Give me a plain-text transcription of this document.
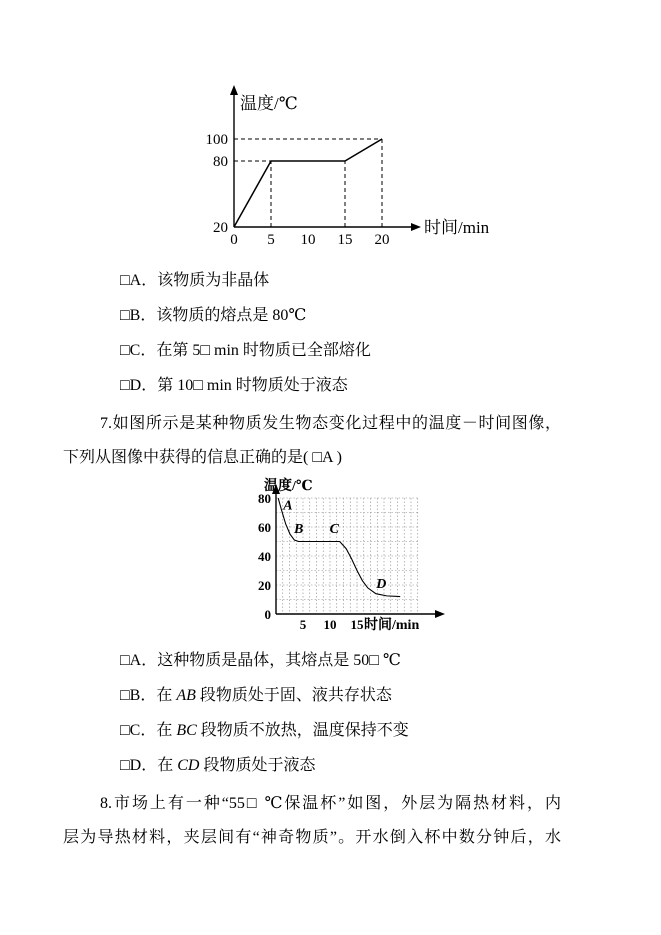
0 5 10 15 20
20
80
100
时间/min
温度/℃
□A．该物质为非晶体
□B．该物质的熔点是 80℃
□C．在第 5□ min 时物质已全部熔化
□D．第 10□ min 时物质处于液态
7.如图所示是某种物质发生物态变化过程中的温度－时间图像，
下列从图像中获得的信息正确的是( □A )
5 10 15
0
20
40
60
80
时间/min
温度/℃
A
B C
D
□A．这种物质是晶体，其熔点是 50□ ℃
□B．在 AB 段物质处于固、液共存状态
□C．在 BC 段物质不放热，温度保持不变
□D．在 CD 段物质处于液态
8.市场上有一种“55□ ℃保温杯”如图，外层为隔热材料，内
层为导热材料，夹层间有“神奇物质”。开水倒入杯中数分钟后，水
